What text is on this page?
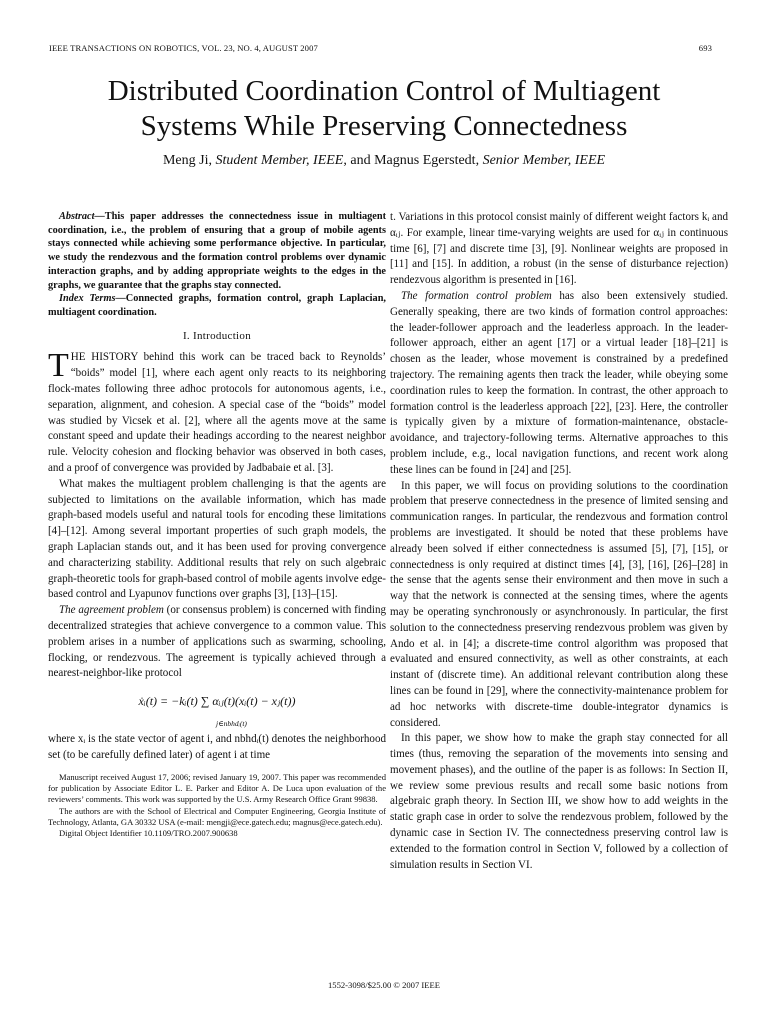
IEEE TRANSACTIONS ON ROBOTICS, VOL. 23, NO. 4, AUGUST 2007	693
Distributed Coordination Control of Multiagent
Systems While Preserving Connectedness
Meng Ji, Student Member, IEEE, and Magnus Egerstedt, Senior Member, IEEE

Abstract—This paper addresses the connectedness issue in multiagent coordination, i.e., the problem of ensuring that a group of mobile agents stays connected while achieving some performance objective. In particular, we study the rendezvous and the formation control problems over dynamic interaction graphs, and by adding appropriate weights to the edges in the graphs, we guarantee that the graphs stay connected.

Index Terms—Connected graphs, formation control, graph Laplacian, multiagent coordination.

I. Introduction

THE HISTORY behind this work can be traced back to Reynolds’ “boids” model [1], where each agent only reacts to its neighboring flock-mates following three adhoc protocols for autonomous agents, i.e., separation, alignment, and cohesion. A special case of the “boids” model was studied by Vicsek et al. [2], where all the agents move at the same constant speed and update their headings according to the nearest neighbor rule. Velocity cohesion and flocking behavior was observed in both cases, and a proof of convergence was provided by Jadbabaie et al. [3].

What makes the multiagent problem challenging is that the agents are subjected to limitations on the available information, which has made graph-based models useful and natural tools for encoding these limitations [4]–[12]. Among several important properties of such graph models, the graph Laplacian stands out, and it has been used for proving convergence and characterizing stability. Additional results that rely on such algebraic graph-theoretic tools for graph-based control of mobile agents involve edge-based control and Lyapunov functions over graphs [3], [13]–[15].

The agreement problem (or consensus problem) is concerned with finding decentralized strategies that achieve convergence to a common value. This problem arises in a number of applications such as swarming, schooling, flocking, or rendezvous. The agreement is typically achieved through a nearest-neighbor-like protocol

ẋᵢ(t) = −kᵢ(t) ∑ αᵢⱼ(t)(xᵢ(t) − xⱼ(t))
j∈nbhdᵢ(t)

where xᵢ is the state vector of agent i, and nbhdᵢ(t) denotes the neighborhood set (to be carefully defined later) of agent i at time

Manuscript received August 17, 2006; revised January 19, 2007. This paper was recommended for publication by Associate Editor L. E. Parker and Editor A. De Luca upon evaluation of the reviewers’ comments. This work was supported by the U.S. Army Research Office Grant 99838.

The authors are with the School of Electrical and Computer Engineering, Georgia Institute of Technology, Atlanta, GA 30332 USA (e-mail: mengji@ece.gatech.edu; magnus@ece.gatech.edu).

Digital Object Identifier 10.1109/TRO.2007.900638

t. Variations in this protocol consist mainly of different weight factors kᵢ and αᵢⱼ. For example, linear time-varying weights are used for αᵢⱼ in continuous time [6], [7] and discrete time [3], [9]. Nonlinear weights are proposed in [11] and [15]. In addition, a robust (in the sense of disturbance rejection) rendezvous algorithm is presented in [16].

The formation control problem has also been extensively studied. Generally speaking, there are two kinds of formation control approaches: the leader-follower approach and the leaderless approach. In the leader-follower approach, either an agent [17] or a virtual leader [18]–[21] is chosen as the leader, whose movement is constrained by a predefined trajectory. The remaining agents then track the leader, while obeying some coordination rules to keep the formation. In contrast, the other approach to formation control is the leaderless approach [22], [23]. Here, the controller is typically given by a mixture of formation-maintenance, obstacle-avoidance, and trajectory-following terms. Alternative approaches to this problem include, e.g., local navigation functions, and recent work along these lines can be found in [24] and [25].

In this paper, we will focus on providing solutions to the coordination problem that preserve connectedness in the presence of limited sensing and communication ranges. In particular, the rendezvous and formation control problems are investigated. It should be noted that these problems have already been solved if either connectedness is assumed [5], [7], [15], or connectedness is only required at distinct times [4], [3], [16], [26]–[28] in the sense that the agents sense their environment and then move in such a way that the network is connected at the sensing times, where the agents may be operating synchronously or asynchronously. In particular, the first solution to the connectedness preserving rendezvous problem was given by Ando et al. in [4]; a discrete-time control algorithm was proposed that evaluated and ensured connectivity, as well as other constraints, at each instant of (discrete time). An additional relevant contribution along these lines can be found in [29], where the connectivity-maintenance problem for ad hoc networks with discrete-time double-integrator dynamics is considered.

In this paper, we show how to make the graph stay connected for all times (thus, removing the separation of the movements into sensing and movement phases), and the outline of the paper is as follows: In Section II, we review some previous results and recall some basic notions from algebraic graph theory. In Section III, we show how to add weights in the static graph case in order to solve the rendezvous problem, followed by the dynamic case in Section IV. The connectedness preserving control law is extended to the formation control in Section V, followed by a collection of simulation results in Section VI.

1552-3098/$25.00 © 2007 IEEE
